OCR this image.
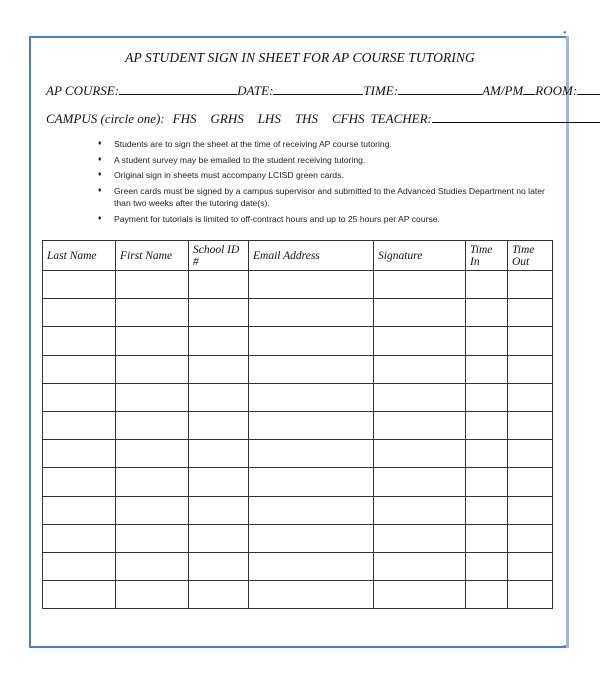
●
●
AP STUDENT SIGN IN SHEET FOR AP COURSE TUTORING
AP COURSE:	DATE:	TIME:	AM/PM ROOM:
CAMPUS (circle one): FHS GRHS LHS THS CFHS TEACHER:
♦ Students are to sign the sheet at the time of receiving AP course tutoring.
♦ A student survey may be emailed to the student receiving tutoring.
♦ Original sign in sheets must accompany LCISD green cards.
♦ Green cards must be signed by a campus supervisor and submitted to the Advanced Studies Department no later than two weeks after the tutoring date(s).
♦ Payment for tutorials is limited to off-contract hours and up to 25 hours per AP course.
Last Name	First Name	School ID #	Email Address	Signature	Time In	Time Out
